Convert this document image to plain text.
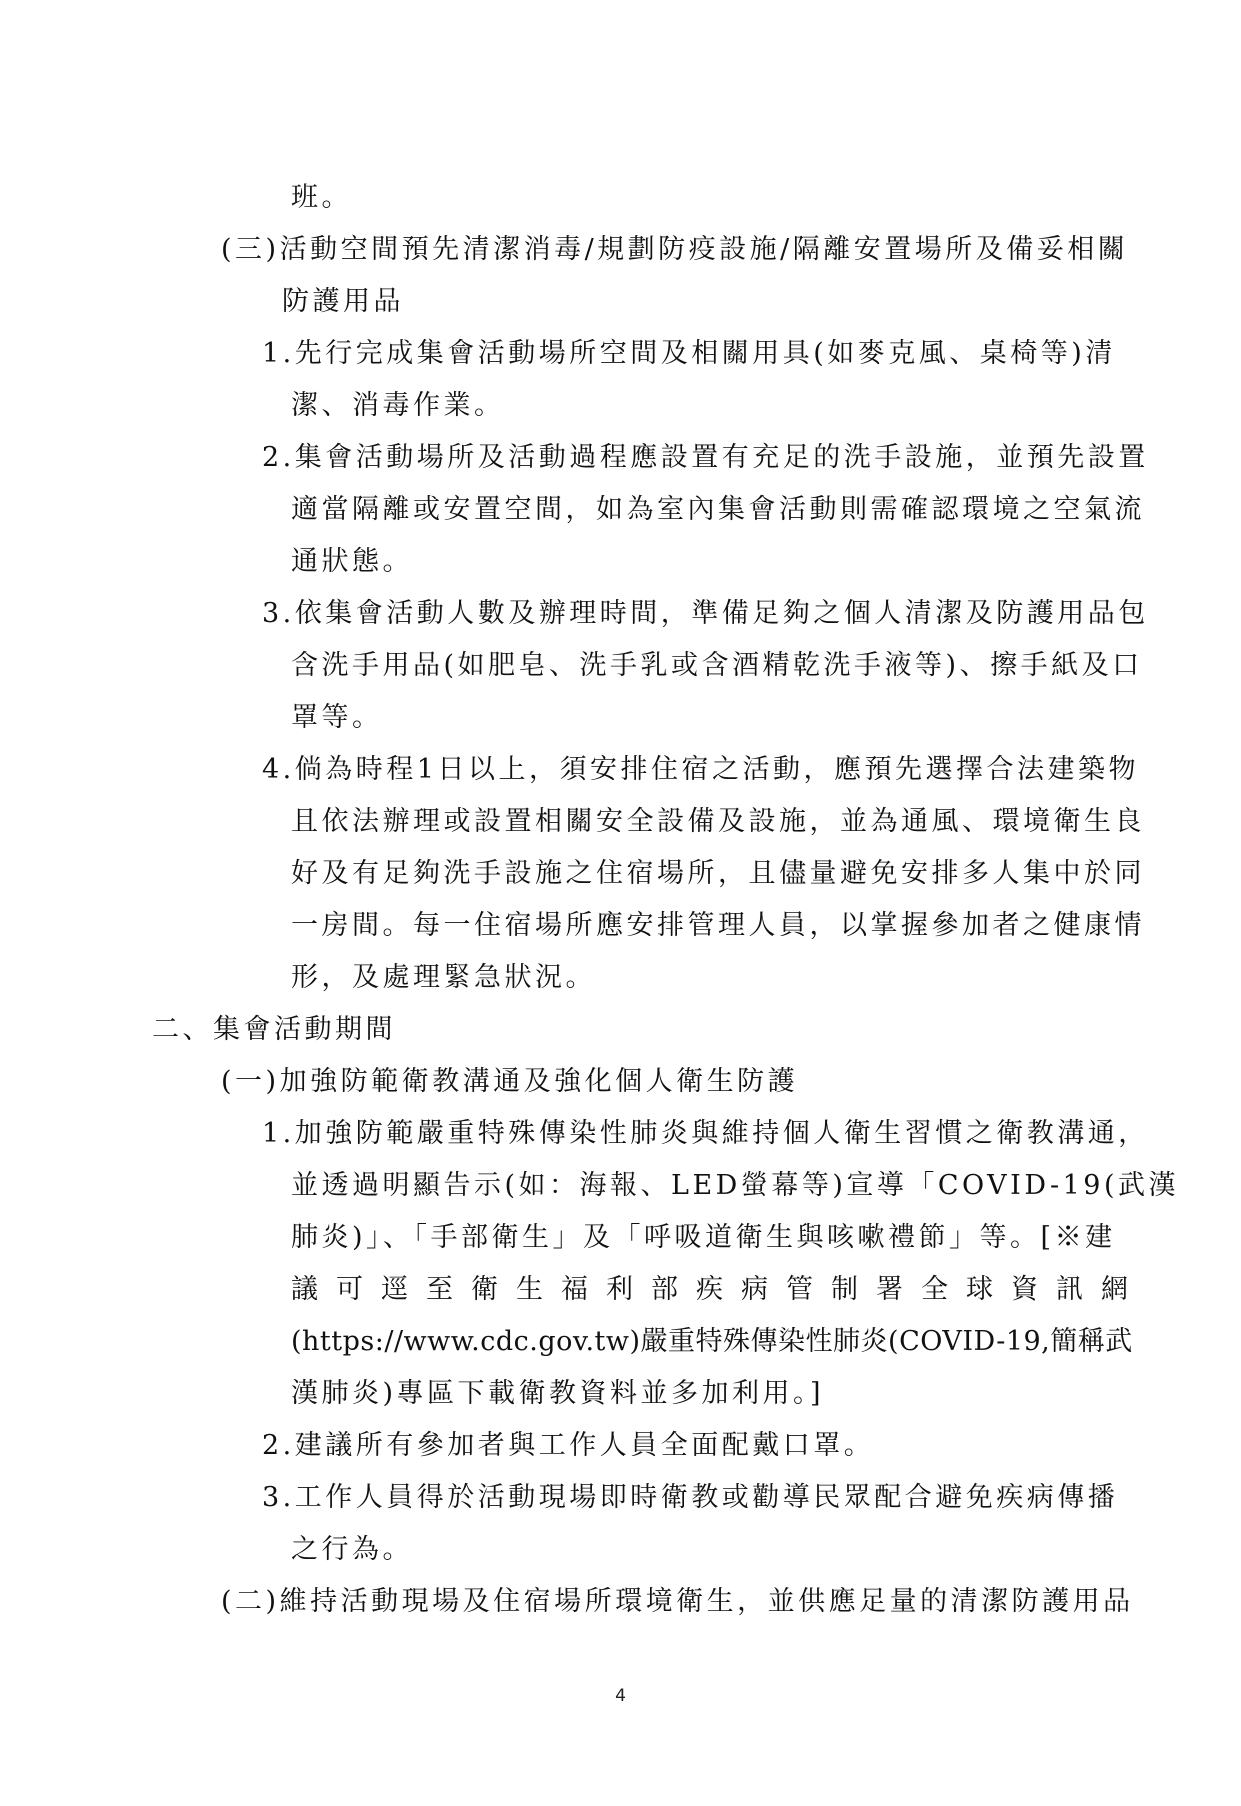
班。
(三)活動空間預先清潔消毒/規劃防疫設施/隔離安置場所及備妥相關
防護用品
1.先行完成集會活動場所空間及相關用具(如麥克風、桌椅等)清
潔、消毒作業。
2.集會活動場所及活動過程應設置有充足的洗手設施，並預先設置
適當隔離或安置空間，如為室內集會活動則需確認環境之空氣流
通狀態。
3.依集會活動人數及辦理時間，準備足夠之個人清潔及防護用品包
含洗手用品(如肥皂、洗手乳或含酒精乾洗手液等)、擦手紙及口
罩等。
4.倘為時程1日以上，須安排住宿之活動，應預先選擇合法建築物
且依法辦理或設置相關安全設備及設施，並為通風、環境衛生良
好及有足夠洗手設施之住宿場所，且儘量避免安排多人集中於同
一房間。每一住宿場所應安排管理人員，以掌握參加者之健康情
形，及處理緊急狀況。
二、集會活動期間
(一)加強防範衛教溝通及強化個人衛生防護
1.加強防範嚴重特殊傳染性肺炎與維持個人衛生習慣之衛教溝通，
並透過明顯告示(如：海報、LED螢幕等)宣導「COVID-19(武漢
肺炎)」、「手部衛生」及「呼吸道衛生與咳嗽禮節」等。[※建
議可逕至衛生福利部疾病管制署全球資訊網
(https://www.cdc.gov.tw)嚴重特殊傳染性肺炎(COVID-19,簡稱武
漢肺炎)專區下載衛教資料並多加利用。]
2.建議所有參加者與工作人員全面配戴口罩。
3.工作人員得於活動現場即時衛教或勸導民眾配合避免疾病傳播
之行為。
(二)維持活動現場及住宿場所環境衛生，並供應足量的清潔防護用品
4
